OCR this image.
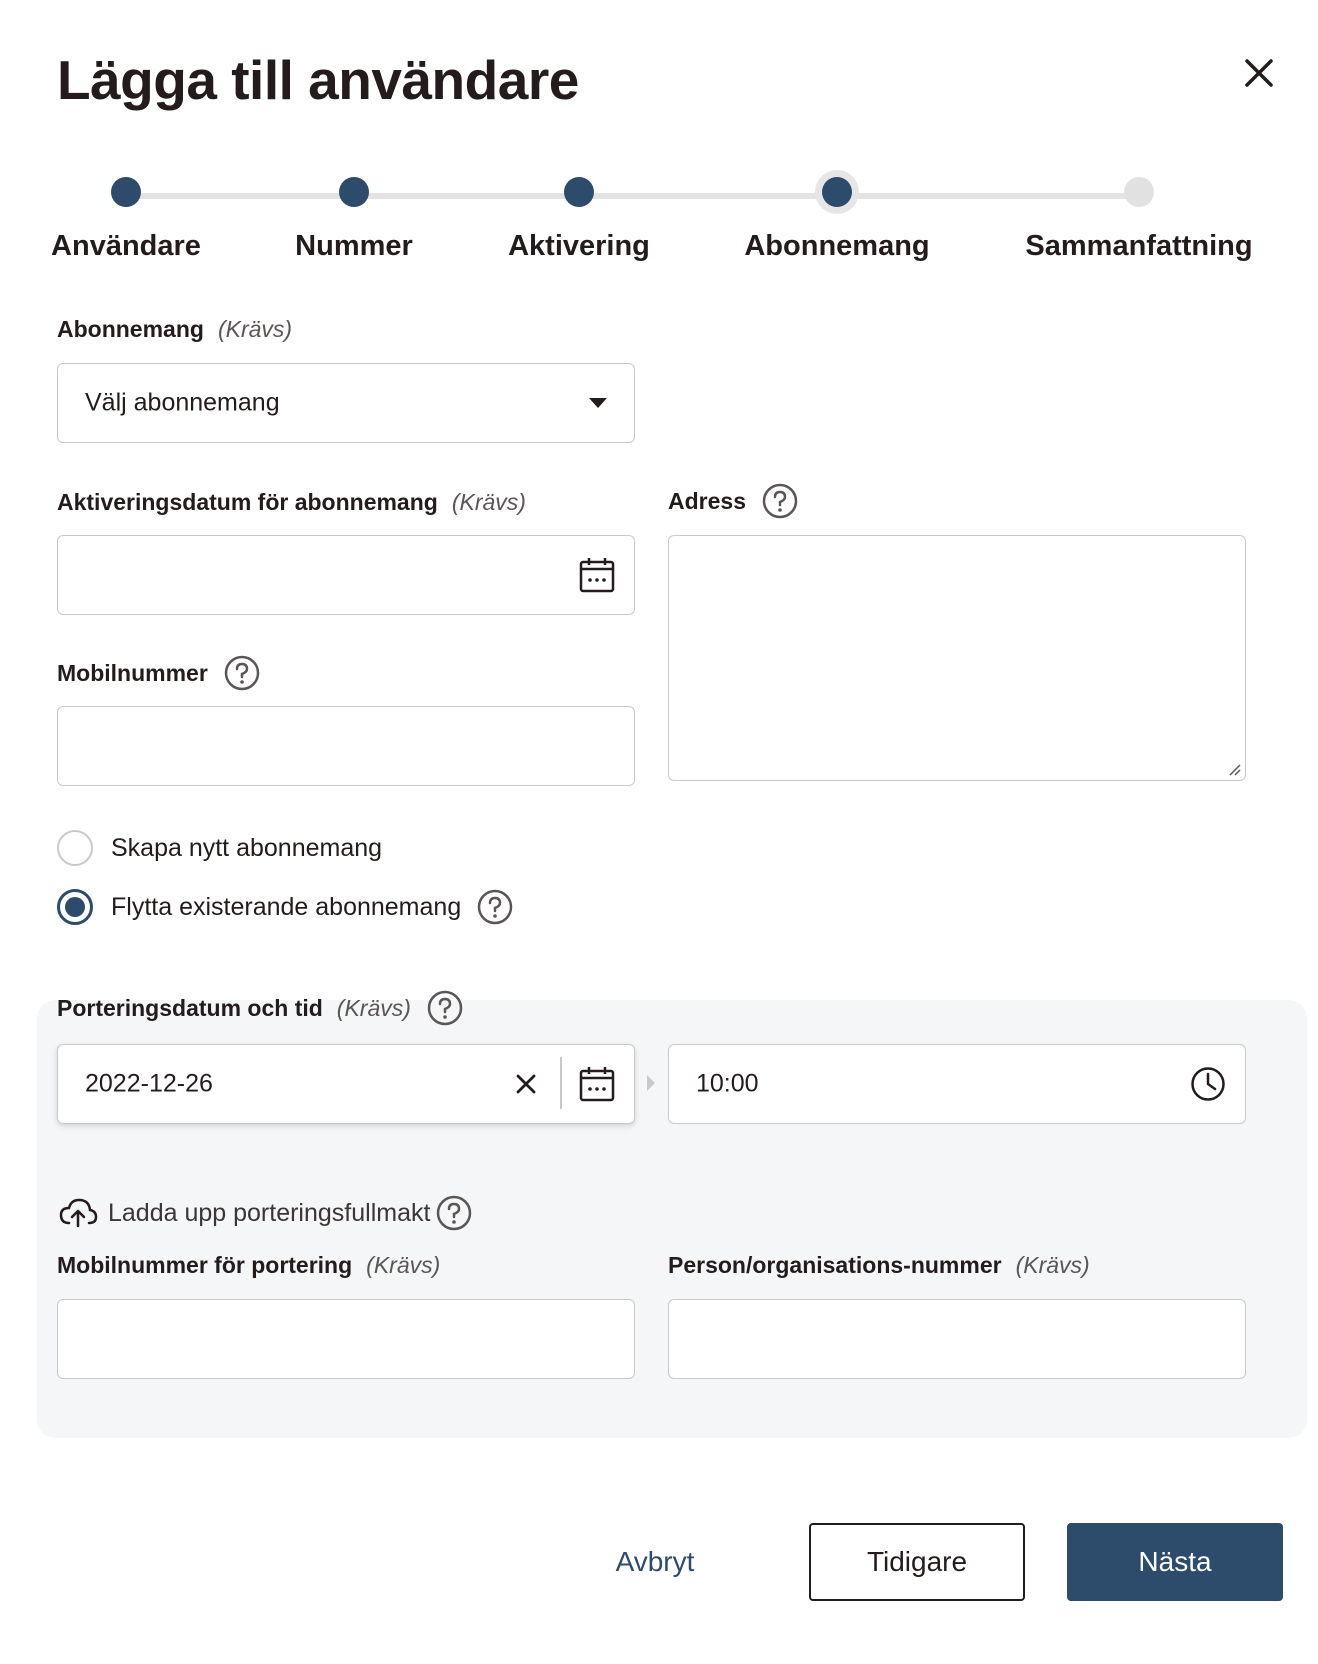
Lägga till användare
Användare	Nummer	Aktivering	Abonnemang	Sammanfattning
Abonnemang (Krävs)
Välj abonnemang
Aktiveringsdatum för abonnemang (Krävs)	Adress
Mobilnummer
Skapa nytt abonnemang
Flytta existerande abonnemang
Porteringsdatum och tid (Krävs)
2022-12-26	10:00
Ladda upp porteringsfullmakt
Mobilnummer för portering (Krävs)	Person/organisations-nummer (Krävs)
Avbryt	Tidigare	Nästa
